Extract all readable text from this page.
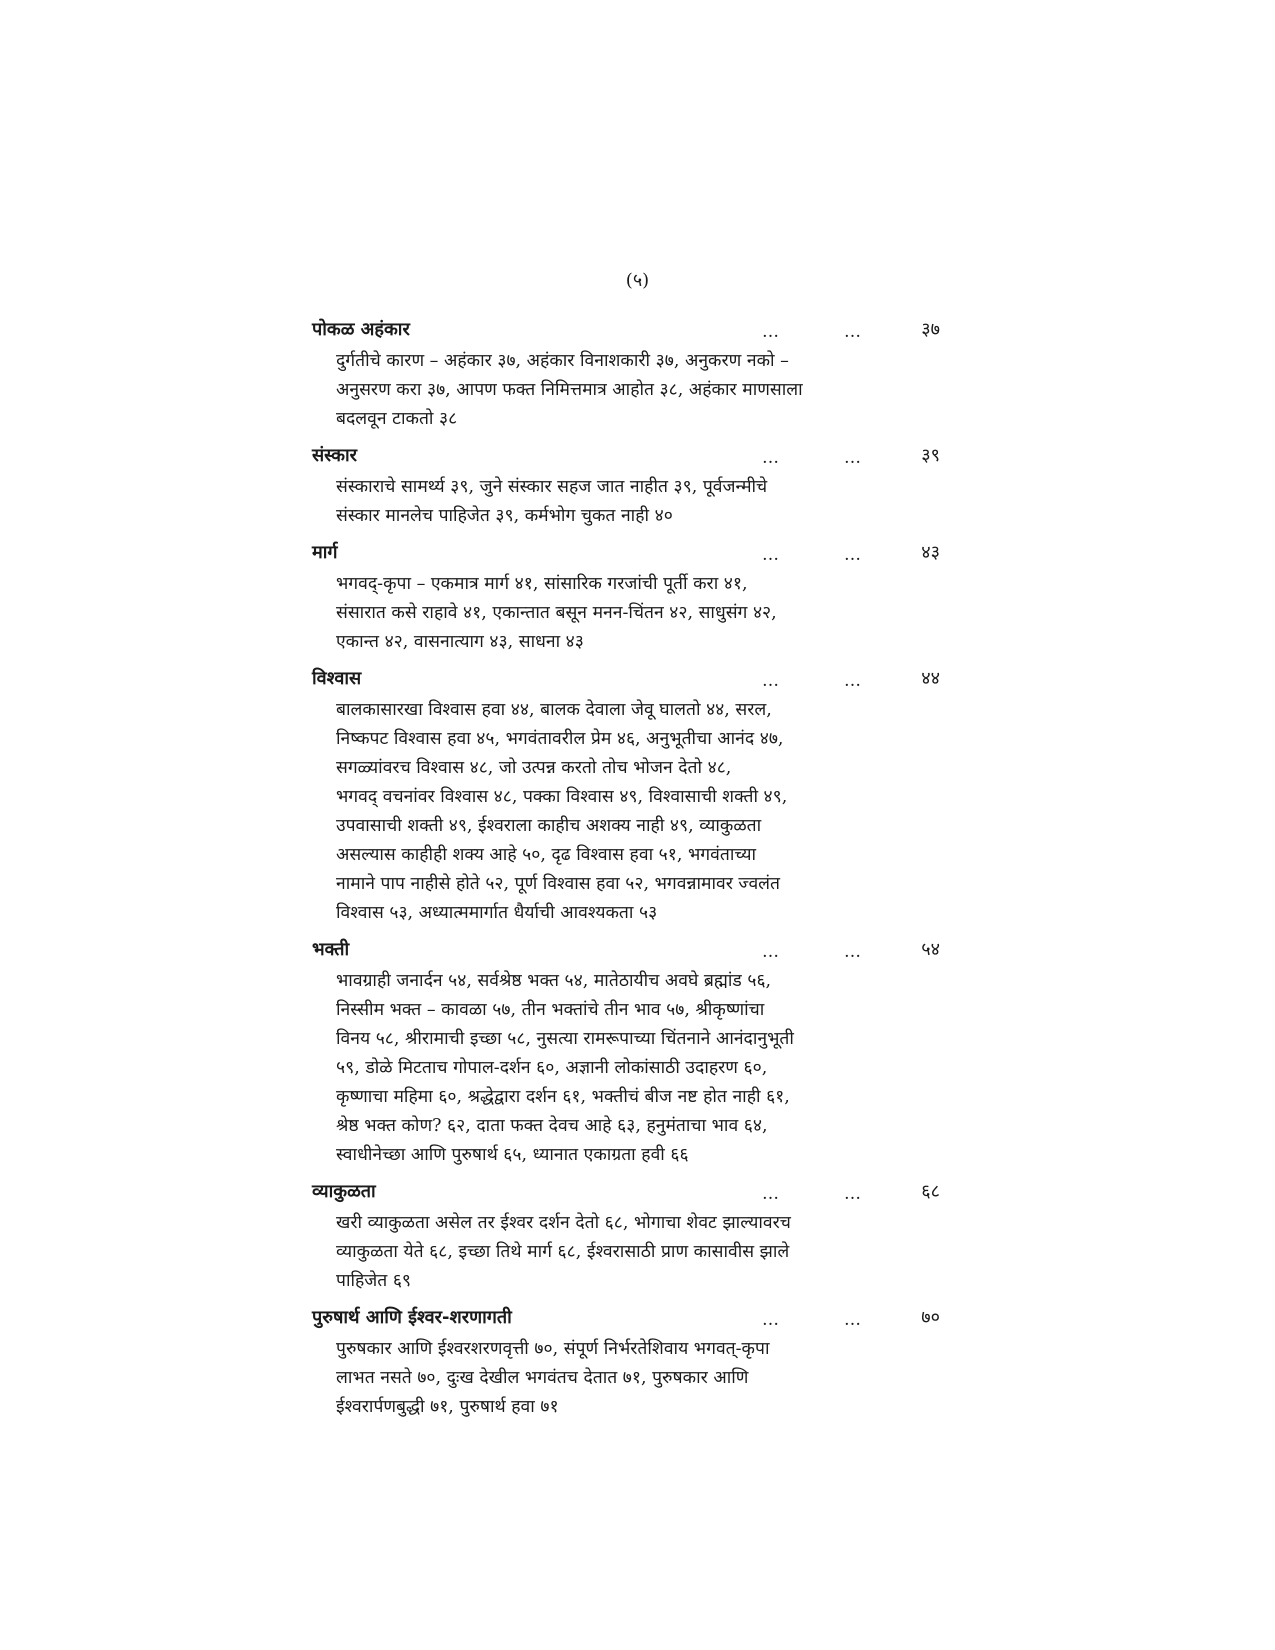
(५)
पोकळ अहंकार	…          …	३७
दुर्गतीचे कारण – अहंकार ३७, अहंकार विनाशकारी ३७, अनुकरण नको –
अनुसरण करा ३७, आपण फक्त निमित्तमात्र आहोत ३८, अहंकार माणसाला
बदलवून टाकतो ३८
संस्कार	…          …	३९
संस्काराचे सामर्थ्य ३९, जुने संस्कार सहज जात नाहीत ३९, पूर्वजन्मीचे
संस्कार मानलेच पाहिजेत ३९, कर्मभोग चुकत नाही ४०
मार्ग	…          …	४३
भगवद्-कृपा – एकमात्र मार्ग ४१, सांसारिक गरजांची पूर्ती करा ४१,
संसारात कसे राहावे ४१, एकान्तात बसून मनन-चिंतन ४२, साधुसंग ४२,
एकान्त ४२, वासनात्याग ४३, साधना ४३
विश्वास	…          …	४४
बालकासारखा विश्वास हवा ४४, बालक देवाला जेवू घालतो ४४, सरल,
निष्कपट विश्वास हवा ४५, भगवंतावरील प्रेम ४६, अनुभूतीचा आनंद ४७,
सगळ्यांवरच विश्वास ४८, जो उत्पन्न करतो तोच भोजन देतो ४८,
भगवद् वचनांवर विश्वास ४८, पक्का विश्वास ४९, विश्वासाची शक्ती ४९,
उपवासाची शक्ती ४९, ईश्वराला काहीच अशक्य नाही ४९, व्याकुळता
असल्यास काहीही शक्य आहे ५०, दृढ विश्वास हवा ५१, भगवंताच्या
नामाने पाप नाहीसे होते ५२, पूर्ण विश्वास हवा ५२, भगवन्नामावर ज्वलंत
विश्वास ५३, अध्यात्ममार्गात धैर्याची आवश्यकता ५३
भक्ती	…          …	५४
भावग्राही जनार्दन ५४, सर्वश्रेष्ठ भक्त ५४, मातेठायीच अवघे ब्रह्मांड ५६,
निस्सीम भक्त – कावळा ५७, तीन भक्तांचे तीन भाव ५७, श्रीकृष्णांचा
विनय ५८, श्रीरामाची इच्छा ५८, नुसत्या रामरूपाच्या चिंतनाने आनंदानुभूती
५९, डोळे मिटताच गोपाल-दर्शन ६०, अज्ञानी लोकांसाठी उदाहरण ६०,
कृष्णाचा महिमा ६०, श्रद्धेद्वारा दर्शन ६१, भक्तीचं बीज नष्ट होत नाही ६१,
श्रेष्ठ भक्त कोण? ६२, दाता फक्त देवच आहे ६३, हनुमंताचा भाव ६४,
स्वाधीनेच्छा आणि पुरुषार्थ ६५, ध्यानात एकाग्रता हवी ६६
व्याकुळता	…          …	६८
खरी व्याकुळता असेल तर ईश्वर दर्शन देतो ६८, भोगाचा शेवट झाल्यावरच
व्याकुळता येते ६८, इच्छा तिथे मार्ग ६८, ईश्वरासाठी प्राण कासावीस झाले
पाहिजेत ६९
पुरुषार्थ आणि ईश्वर-शरणागती	…          …	७०
पुरुषकार आणि ईश्वरशरणवृत्ती ७०, संपूर्ण निर्भरतेशिवाय भगवत्-कृपा
लाभत नसते ७०, दुःख देखील भगवंतच देतात ७१, पुरुषकार आणि
ईश्वरार्पणबुद्धी ७१, पुरुषार्थ हवा ७१
